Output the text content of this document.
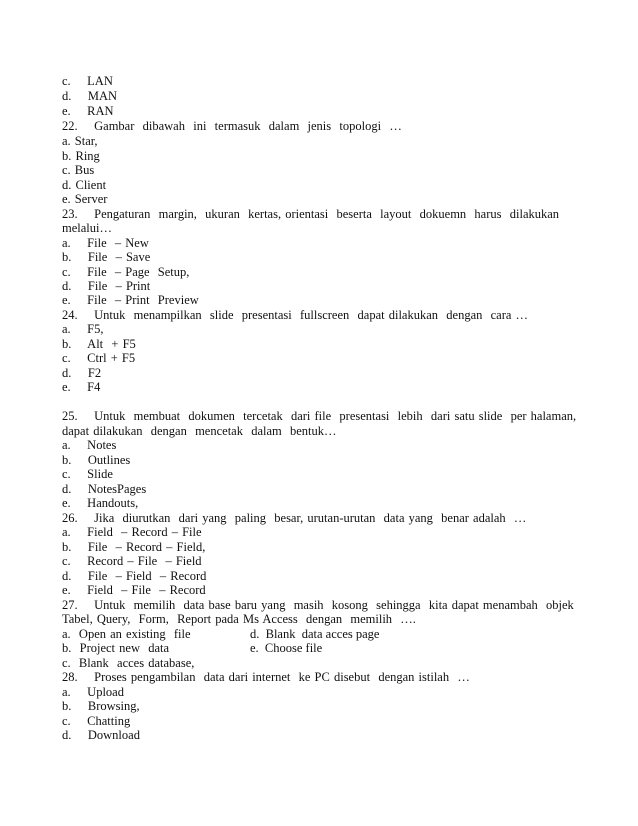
c.    LAN
d.    MAN
e.    RAN
22.    Gambar  dibawah  ini  termasuk  dalam  jenis  topologi  …
a. Star,
b. Ring
c. Bus
d. Client
e. Server
23.    Pengaturan  margin,  ukuran  kertas, orientasi  beserta  layout  dokuemn  harus  dilakukan
melalui…
a.    File  – New
b.    File  – Save
c.    File  – Page  Setup,
d.    File  – Print
e.    File  – Print  Preview
24.    Untuk  menampilkan  slide  presentasi  fullscreen  dapat dilakukan  dengan  cara …
a.    F5,
b.    Alt  + F5
c.    Ctrl + F5
d.    F2
e.    F4
25.    Untuk  membuat  dokumen  tercetak  dari file  presentasi  lebih  dari satu slide  per halaman,
dapat dilakukan  dengan  mencetak  dalam  bentuk…
a.    Notes
b.    Outlines
c.    Slide
d.    NotesPages
e.    Handouts,
26.    Jika  diurutkan  dari yang  paling  besar, urutan-urutan  data yang  benar adalah  …
a.    Field  – Record – File
b.    File  – Record – Field,
c.    Record – File  – Field
d.    File  – Field  – Record
e.    Field  – File  – Record
27.    Untuk  memilih  data base baru yang  masih  kosong  sehingga  kita dapat menambah  objek
Tabel, Query,  Form,  Report pada Ms Access  dengan  memilih  ….
a.  Open an existing  file	d.  Blank  data acces page
b.  Project new  data	e.  Choose file
c.  Blank  acces database,
28.    Proses pengambilan  data dari internet  ke PC disebut  dengan istilah  …
a.    Upload
b.    Browsing,
c.    Chatting
d.    Download
